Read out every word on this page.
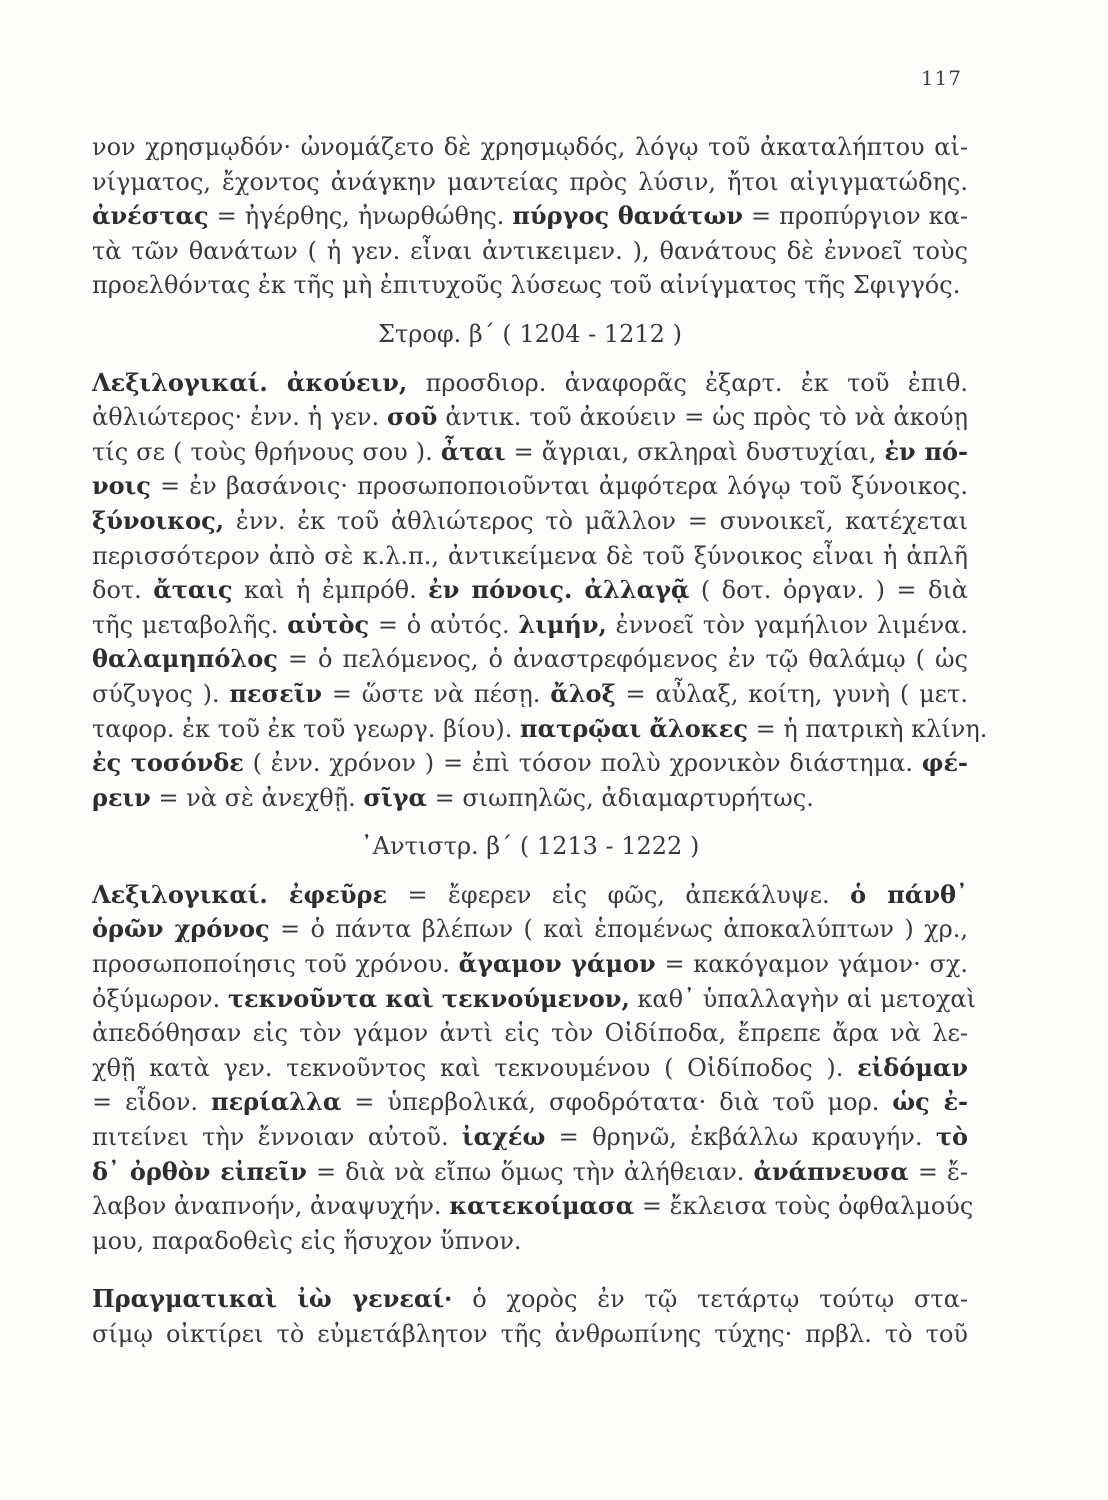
117
νον χρησμῳδόν· ὠνομάζετο δὲ χρησμῳδός, λόγῳ τοῦ ἀκαταλήπτου αἰ-
νίγματος, ἔχοντος ἀνάγκην μαντείας πρὸς λύσιν, ἤτοι αἰγιγματώδης.
ἀνέστας = ἠγέρθης, ἠνωρθώθης. πύργος θανάτων = προπύργιον κα-
τὰ τῶν θανάτων ( ἡ γεν. εἶναι ἀντικειμεν. ), θανάτους δὲ ἐννοεῖ τοὺς
προελθόντας ἐκ τῆς μὴ ἐπιτυχοῦς λύσεως τοῦ αἰνίγματος τῆς Σφιγγός.
Στροφ. β΄ ( 1204 - 1212 )
Λεξιλογικαί. ἀκούειν, προσδιορ. ἀναφορᾶς ἐξαρτ. ἐκ τοῦ ἐπιθ.
ἀθλιώτερος· ἐνν. ἡ γεν. σοῦ ἀντικ. τοῦ ἀκούειν = ὡς πρὸς τὸ νὰ ἀκούῃ
τίς σε ( τοὺς θρήνους σου ). ἆται = ἄγριαι, σκληραὶ δυστυχίαι, ἐν πό-
νοις = ἐν βασάνοις· προσωποποιοῦνται ἀμφότερα λόγῳ τοῦ ξύνοικος.
ξύνοικος, ἐνν. ἐκ τοῦ ἀθλιώτερος τὸ μᾶλλον = συνοικεῖ, κατέχεται
περισσότερον ἀπὸ σὲ κ.λ.π., ἀντικείμενα δὲ τοῦ ξύνοικος εἶναι ἡ ἁπλῆ
δοτ. ἄταις καὶ ἡ ἐμπρόθ. ἐν πόνοις. ἀλλαγᾷ ( δοτ. ὀργαν. ) = διὰ
τῆς μεταβολῆς. αὑτὸς = ὁ αὐτός. λιμήν, ἐννοεῖ τὸν γαμήλιον λιμένα.
θαλαμηπόλος = ὁ πελόμενος, ὁ ἀναστρεφόμενος ἐν τῷ θαλάμῳ ( ὡς
σύζυγος ). πεσεῖν = ὥστε νὰ πέσῃ. ἄλοξ = αὖλαξ, κοίτη, γυνὴ ( μετ.
ταφορ. ἐκ τοῦ ἐκ τοῦ γεωργ. βίου). πατρῷαι ἄλοκες = ἡ πατρικὴ κλίνη.
ἐς τοσόνδε ( ἐνν. χρόνον ) = ἐπὶ τόσον πολὺ χρονικὸν διάστημα. φέ-
ρειν = νὰ σὲ ἀνεχθῇ. σῖγα = σιωπηλῶς, ἀδιαμαρτυρήτως.
᾿Αντιστρ. β΄ ( 1213 - 1222 )
Λεξιλογικαί. ἐφεῦρε = ἔφερεν εἰς φῶς, ἀπεκάλυψε. ὁ πάνθ᾿
ὁρῶν χρόνος = ὁ πάντα βλέπων ( καὶ ἑπομένως ἀποκαλύπτων ) χρ.,
προσωποποίησις τοῦ χρόνου. ἄγαμον γάμον = κακόγαμον γάμον· σχ.
ὀξύμωρον. τεκνοῦντα καὶ τεκνούμενον, καθ᾿ ὑπαλλαγὴν αἱ μετοχαὶ
ἀπεδόθησαν εἰς τὸν γάμον ἀντὶ εἰς τὸν Οἰδίποδα, ἔπρεπε ἄρα νὰ λε-
χθῇ κατὰ γεν. τεκνοῦντος καὶ τεκνουμένου ( Οἰδίποδος ). εἰδόμαν
= εἶδον. περίαλλα = ὑπερβολικά, σφοδρότατα· διὰ τοῦ μορ. ὡς ἐ-
πιτείνει τὴν ἔννοιαν αὐτοῦ. ἰαχέω = θρηνῶ, ἐκβάλλω κραυγήν. τὸ
δ᾿ ὀρθὸν εἰπεῖν = διὰ νὰ εἴπω ὅμως τὴν ἀλήθειαν. ἀνάπνευσα = ἔ-
λαβον ἀναπνοήν, ἀναψυχήν. κατεκοίμασα = ἔκλεισα τοὺς ὀφθαλμούς
μου, παραδοθεὶς εἰς ἥσυχον ὕπνον.
Πραγματικαὶ ἰὼ γενεαί· ὁ χορὸς ἐν τῷ τετάρτῳ τούτῳ στα-
σίμῳ οἰκτίρει τὸ εὐμετάβλητον τῆς ἀνθρωπίνης τύχης· πρβλ. τὸ τοῦ
